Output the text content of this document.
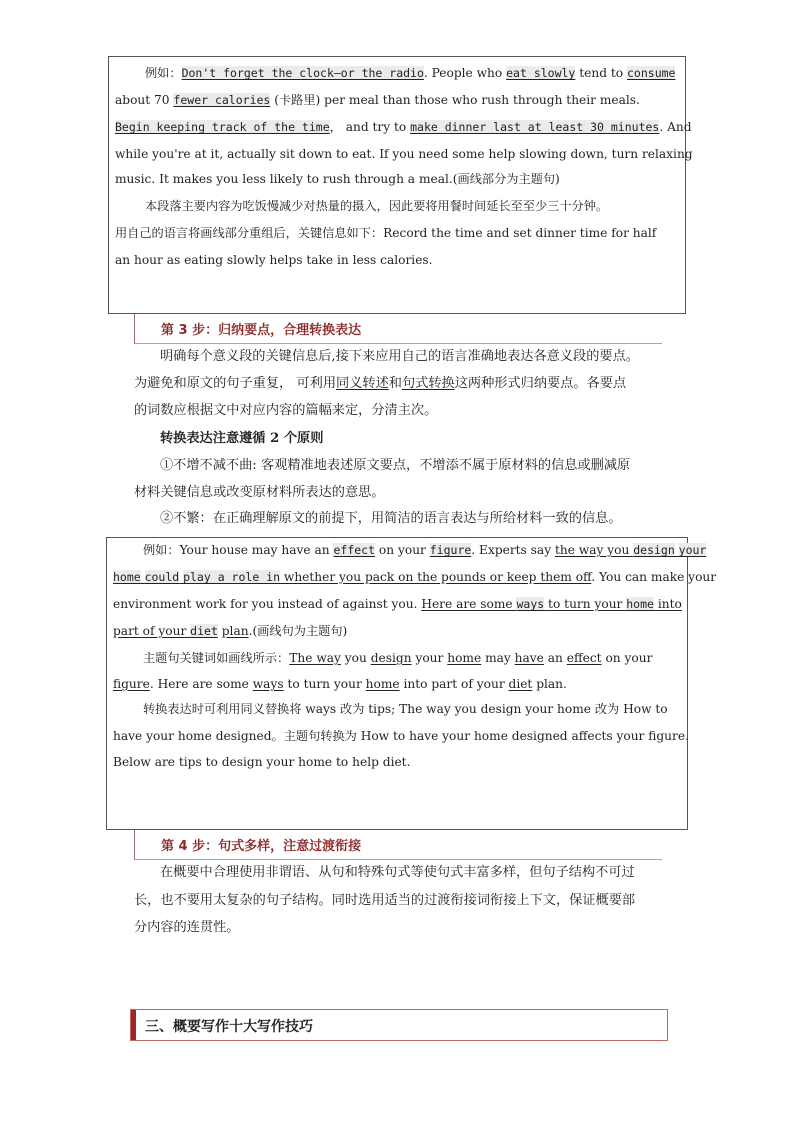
例如：Don't forget the clock—or the radio. People who eat slowly tend to consume
about 70 fewer calories (卡路里) per meal than those who rush through their meals.
Begin keeping track of the time， and try to make dinner last at least 30 minutes. And
while you're at it, actually sit down to eat. If you need some help slowing down, turn relaxing
music. It makes you less likely to rush through a meal.(画线部分为主题句)
本段落主要内容为吃饭慢减少对热量的摄入，因此要将用餐时间延长至至少三十分钟。
用自己的语言将画线部分重组后，关键信息如下：Record the time and set dinner time for half
an hour as eating slowly helps take in less calories.
第 3 步：归纳要点，合理转换表达
明确每个意义段的关键信息后,接下来应用自己的语言准确地表达各意义段的要点。
为避免和原文的句子重复， 可利用同义转述和句式转换这两种形式归纳要点。各要点
的词数应根据文中对应内容的篇幅来定，分清主次。
转换表达注意遵循 2 个原则
①不增不减不曲: 客观精准地表述原文要点，不增添不属于原材料的信息或删减原
材料关键信息或改变原材料所表达的意思。
②不繁：在正确理解原文的前提下，用简洁的语言表达与所给材料一致的信息。
例如：Your house may have an effect on your figure. Experts say the way you design your
home could play a role in whether you pack on the pounds or keep them off. You can make your
environment work for you instead of against you. Here are some ways to turn your home into
part of your diet plan.(画线句为主题句)
主题句关键词如画线所示：The way you design your home may have an effect on your
figure. Here are some ways to turn your home into part of your diet plan.
转换表达时可利用同义替换将 ways 改为 tips; The way you design your home 改为 How to
have your home designed。主题句转换为 How to have your home designed affects your figure.
Below are tips to design your home to help diet.
第 4 步：句式多样，注意过渡衔接
在概要中合理使用非谓语、从句和特殊句式等使句式丰富多样，但句子结构不可过
长，也不要用太复杂的句子结构。同时选用适当的过渡衔接词衔接上下文，保证概要部
分内容的连贯性。
三、概要写作十大写作技巧
